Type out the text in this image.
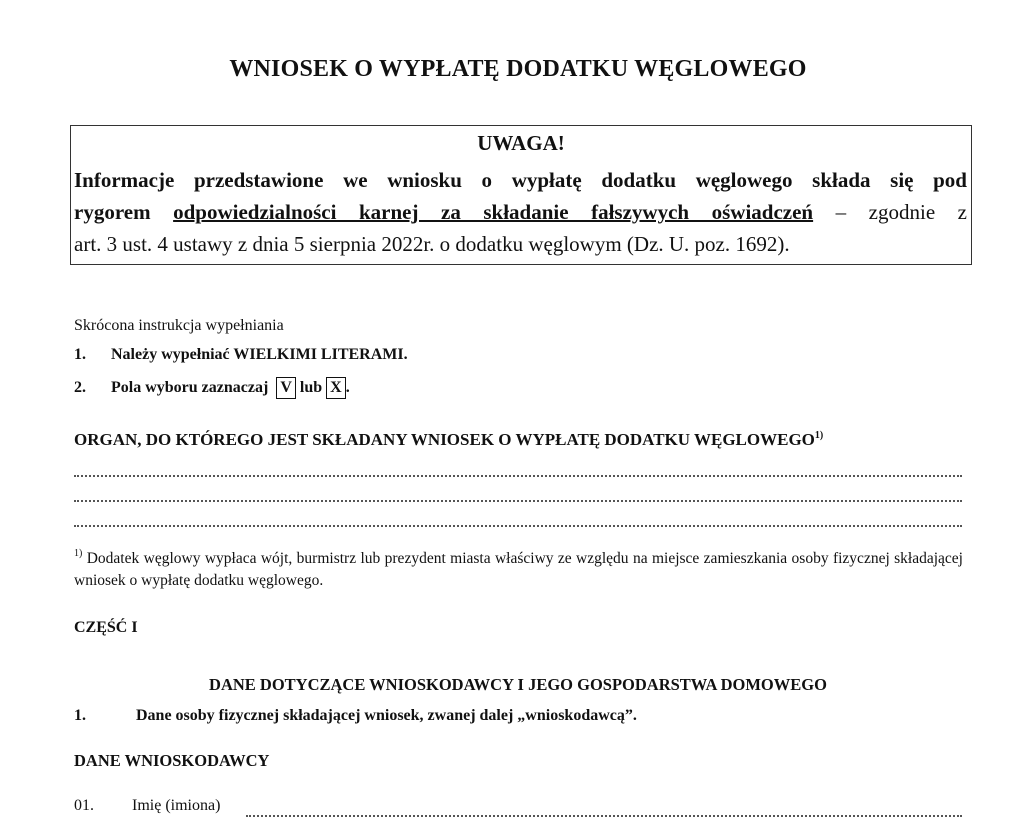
WNIOSEK O WYPŁATĘ DODATKU WĘGLOWEGO
UWAGA!
Informacje przedstawione we wniosku o wypłatę dodatku węglowego składa się pod
rygorem odpowiedzialności karnej za składanie fałszywych oświadczeń – zgodnie z
art. 3 ust. 4 ustawy z dnia 5 sierpnia 2022r. o dodatku węglowym (Dz. U. poz. 1692).
Skrócona instrukcja wypełniania
1. Należy wypełniać WIELKIMI LITERAMI.
2. Pola wyboru zaznaczaj V lub X .
ORGAN, DO KTÓREGO JEST SKŁADANY WNIOSEK O WYPŁATĘ DODATKU WĘGLOWEGO$^{1)}$
$^{1)}$ Dodatek węglowy wypłaca wójt, burmistrz lub prezydent miasta właściwy ze względu na miejsce zamieszkania osoby fizycznej składającej wniosek o wypłatę dodatku węglowego.
CZĘŚĆ I
DANE DOTYCZĄCE WNIOSKODAWCY I JEGO GOSPODARSTWA DOMOWEGO
1.	Dane osoby fizycznej składającej wniosek, zwanej dalej „wnioskodawcą”.
DANE WNIOSKODAWCY
01. Imię (imiona)
